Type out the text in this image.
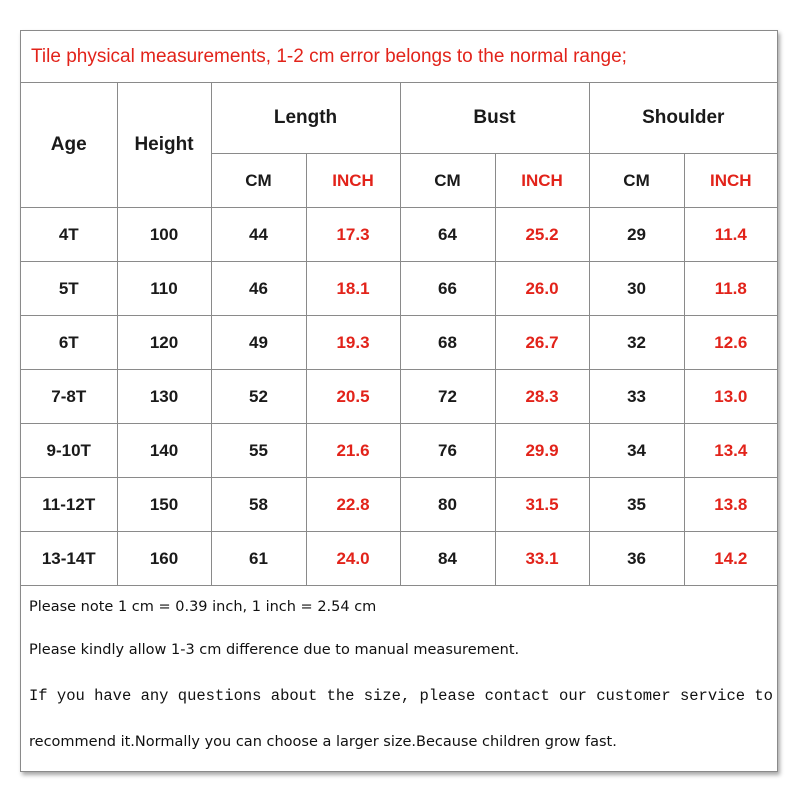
Tile physical measurements, 1-2 cm error belongs to the normal range;
Age	Height	Length		Bust		Shoulder	
		CM	INCH	CM	INCH	CM	INCH
4T	100	44	17.3	64	25.2	29	11.4
5T	110	46	18.1	66	26.0	30	11.8
6T	120	49	19.3	68	26.7	32	12.6
7-8T	130	52	20.5	72	28.3	33	13.0
9-10T	140	55	21.6	76	29.9	34	13.4
11-12T	150	58	22.8	80	31.5	35	13.8
13-14T	160	61	24.0	84	33.1	36	14.2
Please note 1 cm = 0.39 inch, 1 inch = 2.54 cm
Please kindly allow 1-3 cm difference due to manual measurement.
If you have any questions about the size, please contact our customer service to
recommend it.Normally you can choose a larger size.Because children grow fast.
